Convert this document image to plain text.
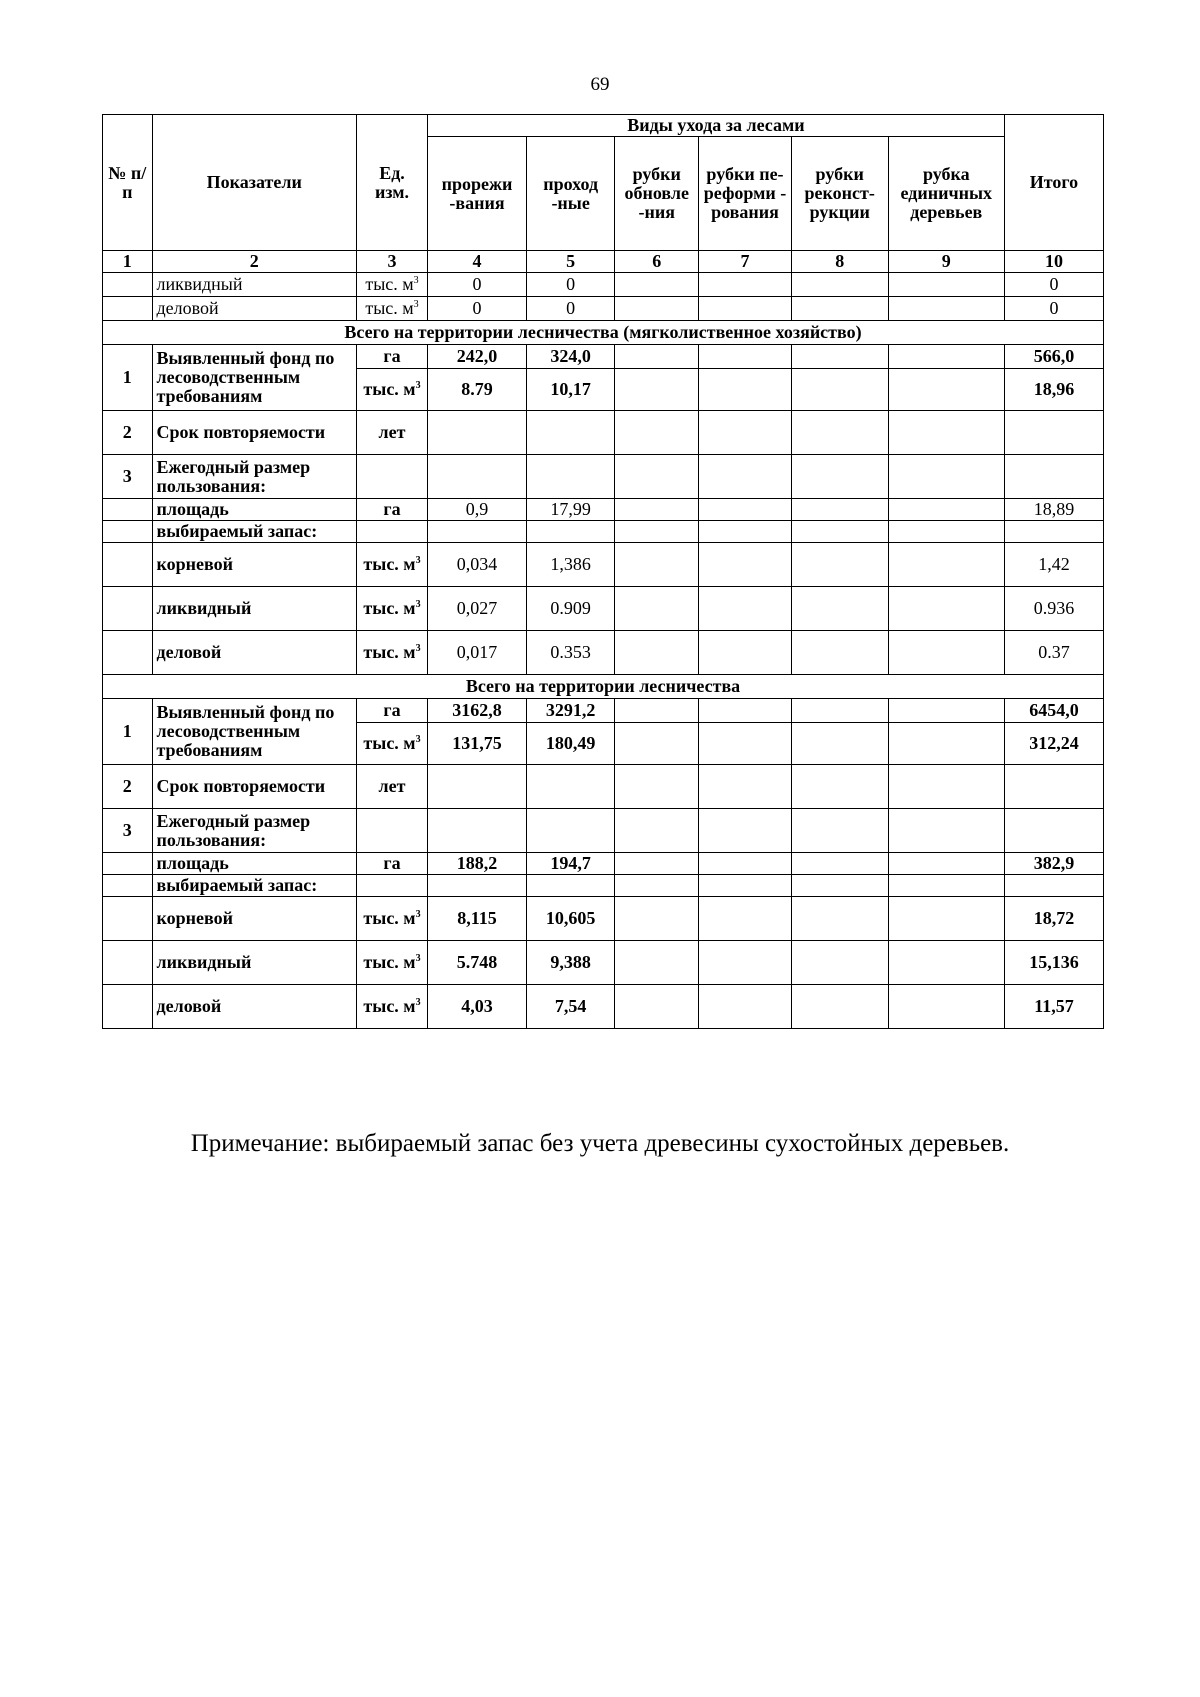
69
№ п/п	Показатели	Ед. изм.	Виды ухода за лесами						Итого
			прорежи -вания	проход -ные	рубки обновле -ния	рубки пе- реформи - рования	рубки реконст- рукции	рубка единичных деревьев	
1	2	3	4	5	6	7	8	9	10
	ликвидный	тыс. $м^3$	0	0					0
	деловой	тыс. $м^3$	0	0					0
Всего на территории лесничества (мягколиственное хозяйство)									
1	Выявленный фонд по лесоводственным требованиям	га	242,0	324,0					566,0
		тыс. $м^3$	8.79	10,17					18,96
2	Срок повторяемости	лет							
3	Ежегодный размер пользования:								
	площадь	га	0,9	17,99					18,89
	выбираемый запас:								
	корневой	тыс. $м^3$	0,034	1,386					1,42
	ликвидный	тыс. $м^3$	0,027	0.909					0.936
	деловой	тыс. $м^3$	0,017	0.353					0.37
Всего на территории лесничества									
1	Выявленный фонд по лесоводственным требованиям	га	3162,8	3291,2					6454,0
		тыс. $м^3$	131,75	180,49					312,24
2	Срок повторяемости	лет							
3	Ежегодный размер пользования:								
	площадь	га	188,2	194,7					382,9
	выбираемый запас:								
	корневой	тыс. $м^3$	8,115	10,605					18,72
	ликвидный	тыс. $м^3$	5.748	9,388					15,136
	деловой	тыс. $м^3$	4,03	7,54					11,57
Примечание: выбираемый запас без учета древесины сухостойных деревьев.
